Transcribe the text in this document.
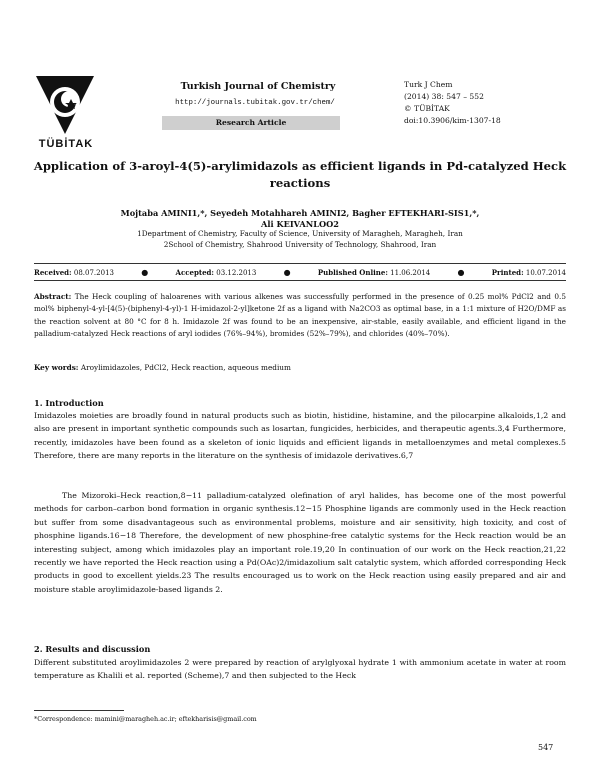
TÜBİTAK
Turkish Journal of Chemistry
http://journals.tubitak.gov.tr/chem/
Research Article
Turk J Chem
(2014) 38: 547 – 552
© TÜBİTAK
doi:10.3906/kim-1307-18
Application of 3-aroyl-4(5)-arylimidazols as efficient ligands in Pd-catalyzed Heck reactions
Mojtaba AMINI1,*, Seyedeh Motahhareh AMINI2, Bagher EFTEKHARI-SIS1,*,
Ali KEIVANLOO2
1Department of Chemistry, Faculty of Science, University of Maragheh, Maragheh, Iran
2School of Chemistry, Shahrood University of Technology, Shahrood, Iran
Received: 08.07.2013	●	Accepted: 03.12.2013	●	Published Online: 11.06.2014	●	Printed: 10.07.2014
Abstract: The Heck coupling of haloarenes with various alkenes was successfully performed in the presence of 0.25 mol% PdCl2 and 0.5 mol% biphenyl-4-yl-[4(5)-(biphenyl-4-yl)-1 H-imidazol-2-yl]ketone 2f as a ligand with Na2CO3 as optimal base, in a 1:1 mixture of H2O/DMF as the reaction solvent at 80 °C for 8 h. Imidazole 2f was found to be an inexpensive, air-stable, easily available, and efficient ligand in the palladium-catalyzed Heck reactions of aryl iodides (76%–94%), bromides (52%–79%), and chlorides (40%–70%).
Key words: Aroylimidazoles, PdCl2, Heck reaction, aqueous medium
1. Introduction
Imidazoles moieties are broadly found in natural products such as biotin, histidine, histamine, and the pilocarpine alkaloids,1,2 and also are present in important synthetic compounds such as losartan, fungicides, herbicides, and therapeutic agents.3,4 Furthermore, recently, imidazoles have been found as a skeleton of ionic liquids and efficient ligands in metalloenzymes and metal complexes.5 Therefore, there are many reports in the literature on the synthesis of imidazole derivatives.6,7
The Mizoroki–Heck reaction,8−11 palladium-catalyzed olefination of aryl halides, has become one of the most powerful methods for carbon–carbon bond formation in organic synthesis.12−15 Phosphine ligands are commonly used in the Heck reaction but suffer from some disadvantageous such as environmental problems, moisture and air sensitivity, high toxicity, and cost of phosphine ligands.16−18 Therefore, the development of new phosphine-free catalytic systems for the Heck reaction would be an interesting subject, among which imidazoles play an important role.19,20 In continuation of our work on the Heck reaction,21,22 recently we have reported the Heck reaction using a Pd(OAc)2/imidazolium salt catalytic system, which afforded corresponding Heck products in good to excellent yields.23 The results encouraged us to work on the Heck reaction using easily prepared and air and moisture stable aroylimidazole-based ligands 2.
2. Results and discussion
Different substituted aroylimidazoles 2 were prepared by reaction of arylglyoxal hydrate 1 with ammonium acetate in water at room temperature as Khalili et al. reported (Scheme),7 and then subjected to the Heck
*Correspondence: mamini@maragheh.ac.ir; eftekharisis@gmail.com
547
